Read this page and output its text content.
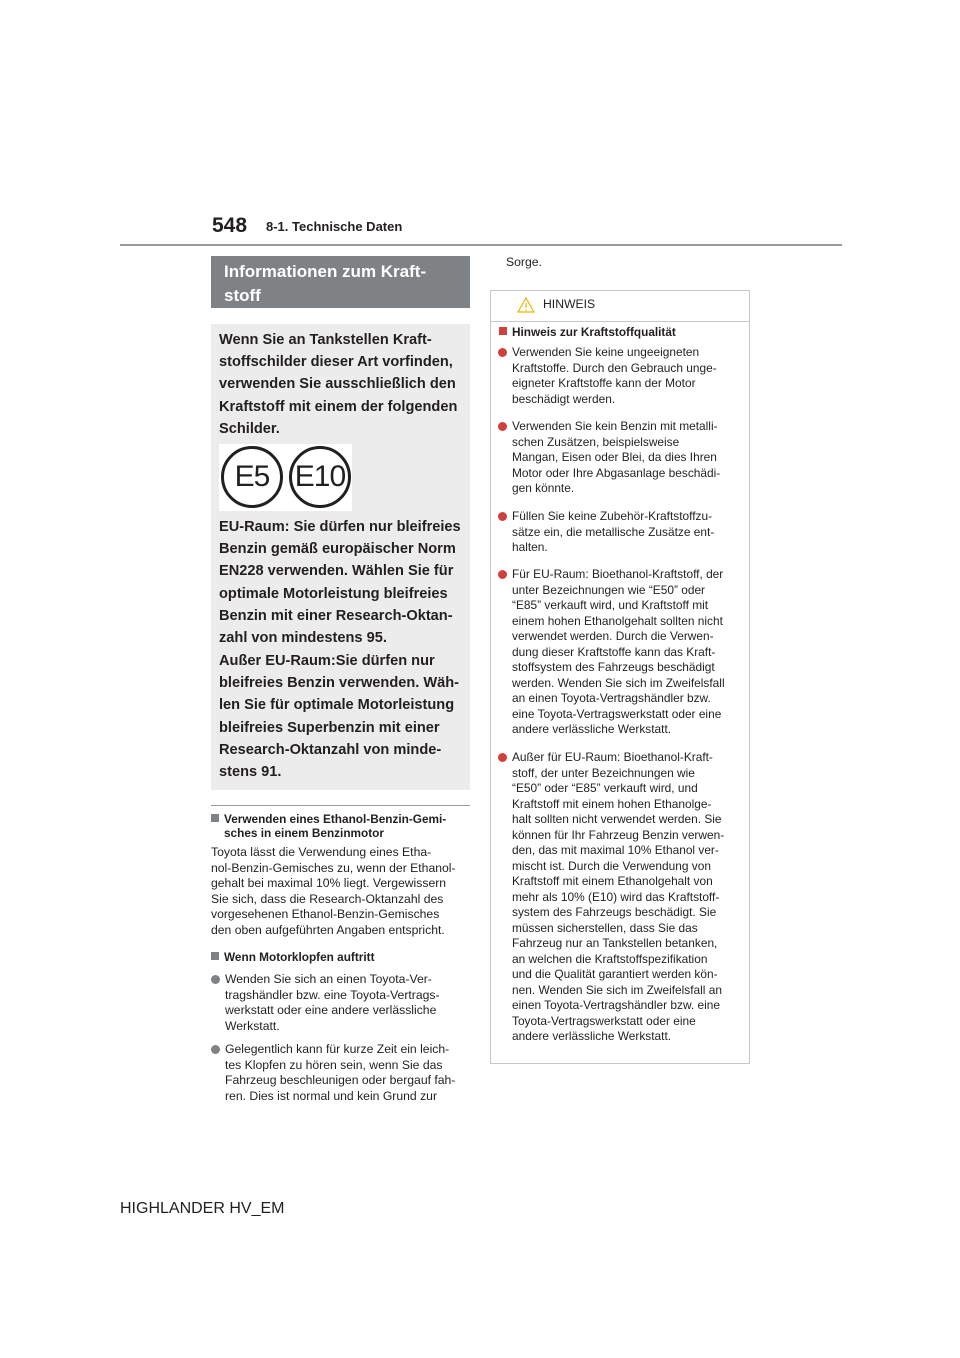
548 8-1. Technische Daten
Informationen zum Kraft-
stoff

Wenn Sie an Tankstellen Kraft-
stoffschilder dieser Art vorfinden,
verwenden Sie ausschließlich den
Kraftstoff mit einem der folgenden
Schilder.

E5 E10

EU-Raum: Sie dürfen nur bleifreies
Benzin gemäß europäischer Norm
EN228 verwenden. Wählen Sie für
optimale Motorleistung bleifreies
Benzin mit einer Research-Oktan-
zahl von mindestens 95.

Außer EU-Raum:Sie dürfen nur
bleifreies Benzin verwenden. Wäh-
len Sie für optimale Motorleistung
bleifreies Superbenzin mit einer
Research-Oktanzahl von minde-
stens 91.

Verwenden eines Ethanol-Benzin-Gemi-
sches in einem Benzinmotor
Toyota lässt die Verwendung eines Etha-
nol-Benzin-Gemisches zu, wenn der Ethanol-
gehalt bei maximal 10% liegt. Vergewissern
Sie sich, dass die Research-Oktanzahl des
vorgesehenen Ethanol-Benzin-Gemisches
den oben aufgeführten Angaben entspricht.
Wenn Motorklopfen auftritt
Wenden Sie sich an einen Toyota-Ver-
tragshändler bzw. eine Toyota-Vertrags-
werkstatt oder eine andere verlässliche
Werkstatt.
Gelegentlich kann für kurze Zeit ein leich-
tes Klopfen zu hören sein, wenn Sie das
Fahrzeug beschleunigen oder bergauf fah-
ren. Dies ist normal und kein Grund zur
Sorge.
HINWEIS
Hinweis zur Kraftstoffqualität
Verwenden Sie keine ungeeigneten
Kraftstoffe. Durch den Gebrauch unge-
eigneter Kraftstoffe kann der Motor
beschädigt werden.
Verwenden Sie kein Benzin mit metalli-
schen Zusätzen, beispielsweise
Mangan, Eisen oder Blei, da dies Ihren
Motor oder Ihre Abgasanlage beschädi-
gen könnte.
Füllen Sie keine Zubehör-Kraftstoffzu-
sätze ein, die metallische Zusätze ent-
halten.
Für EU-Raum: Bioethanol-Kraftstoff, der
unter Bezeichnungen wie “E50” oder
“E85” verkauft wird, und Kraftstoff mit
einem hohen Ethanolgehalt sollten nicht
verwendet werden. Durch die Verwen-
dung dieser Kraftstoffe kann das Kraft-
stoffsystem des Fahrzeugs beschädigt
werden. Wenden Sie sich im Zweifelsfall
an einen Toyota-Vertragshändler bzw.
eine Toyota-Vertragswerkstatt oder eine
andere verlässliche Werkstatt.
Außer für EU-Raum: Bioethanol-Kraft-
stoff, der unter Bezeichnungen wie
“E50” oder “E85” verkauft wird, und
Kraftstoff mit einem hohen Ethanolge-
halt sollten nicht verwendet werden. Sie
können für Ihr Fahrzeug Benzin verwen-
den, das mit maximal 10% Ethanol ver-
mischt ist. Durch die Verwendung von
Kraftstoff mit einem Ethanolgehalt von
mehr als 10% (E10) wird das Kraftstoff-
system des Fahrzeugs beschädigt. Sie
müssen sicherstellen, dass Sie das
Fahrzeug nur an Tankstellen betanken,
an welchen die Kraftstoffspezifikation
und die Qualität garantiert werden kön-
nen. Wenden Sie sich im Zweifelsfall an
einen Toyota-Vertragshändler bzw. eine
Toyota-Vertragswerkstatt oder eine
andere verlässliche Werkstatt.
HIGHLANDER HV_EM
